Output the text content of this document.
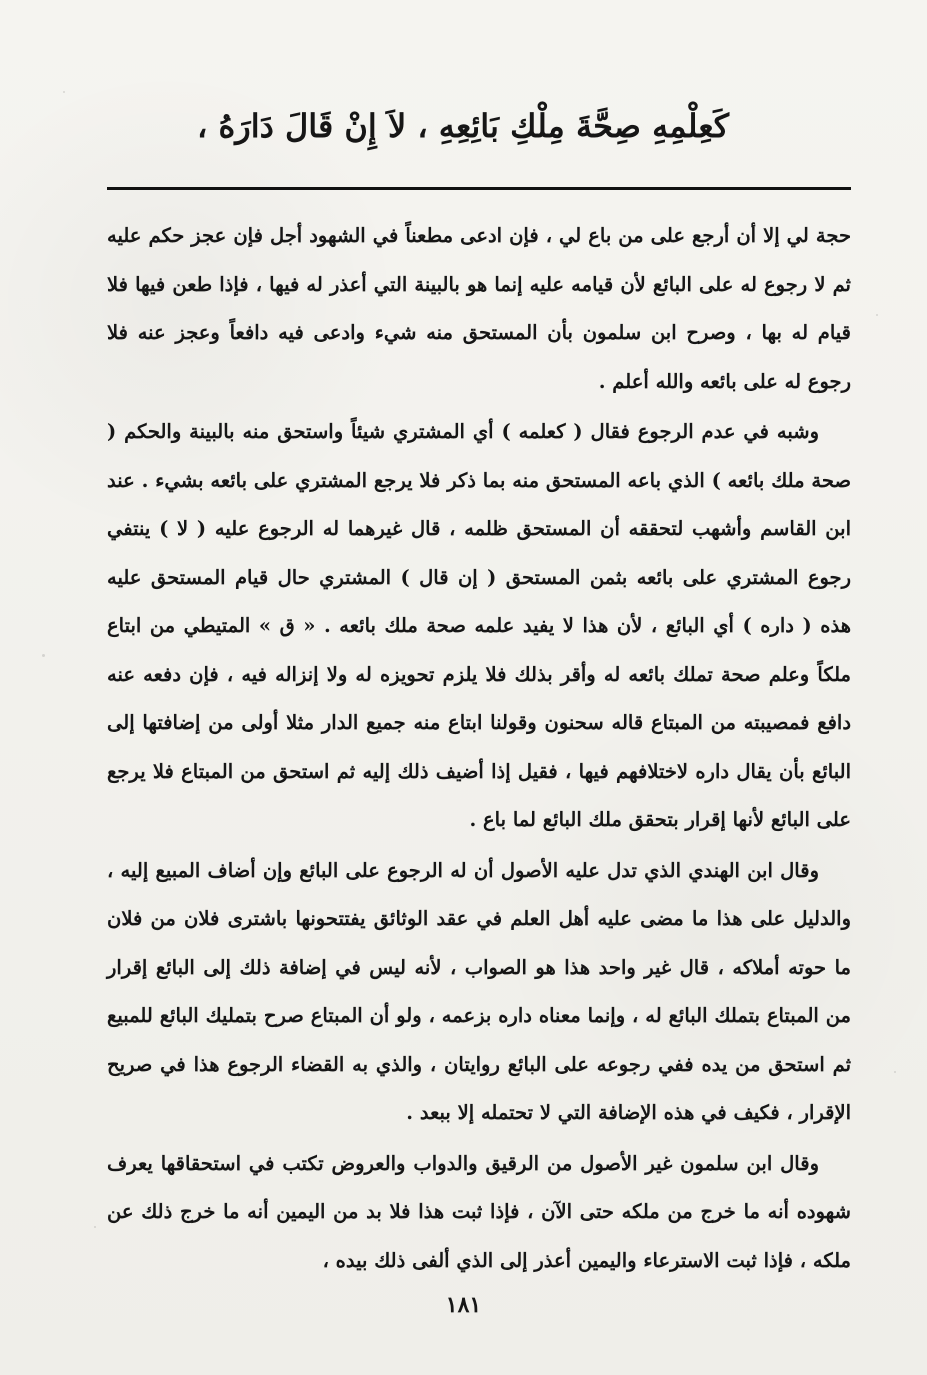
كَعِلْمِهِ صِحَّةَ مِلْكِ بَائِعِهِ ، لاَ إِنْ قَالَ دَارَهُ ،

حجة لي إلا أن أرجع على من باع لي ، فإن ادعى مطعناً في الشهود أجل فإن عجز حكم عليه ثم لا رجوع له على البائع لأن قيامه عليه إنما هو بالبينة التي أعذر له فيها ، فإذا طعن فيها فلا قيام له بها ، وصرح ابن سلمون بأن المستحق منه شيء وادعى فيه دافعاً وعجز عنه فلا رجوع له على بائعه والله أعلم .

وشبه في عدم الرجوع فقال ( كعلمه ) أي المشتري شيئاً واستحق منه بالبينة والحكم ( صحة ملك بائعه ) الذي باعه المستحق منه بما ذكر فلا يرجع المشتري على بائعه بشيء . عند ابن القاسم وأشهب لتحققه أن المستحق ظلمه ، قال غيرهما له الرجوع عليه ( لا ) ينتفي رجوع المشتري على بائعه بثمن المستحق ( إن قال ) المشتري حال قيام المستحق عليه هذه ( داره ) أي البائع ، لأن هذا لا يفيد علمه صحة ملك بائعه . « ق » المتيطي من ابتاع ملكاً وعلم صحة تملك بائعه له وأقر بذلك فلا يلزم تحويزه له ولا إنزاله فيه ، فإن دفعه عنه دافع فمصيبته من المبتاع قاله سحنون وقولنا ابتاع منه جميع الدار مثلا أولى من إضافتها إلى البائع بأن يقال داره لاختلافهم فيها ، فقيل إذا أضيف ذلك إليه ثم استحق من المبتاع فلا يرجع على البائع لأنها إقرار بتحقق ملك البائع لما باع .

وقال ابن الهندي الذي تدل عليه الأصول أن له الرجوع على البائع وإن أضاف المبيع إليه ، والدليل على هذا ما مضى عليه أهل العلم في عقد الوثائق يفتتحونها باشترى فلان من فلان ما حوته أملاكه ، قال غير واحد هذا هو الصواب ، لأنه ليس في إضافة ذلك إلى البائع إقرار من المبتاع بتملك البائع له ، وإنما معناه داره بزعمه ، ولو أن المبتاع صرح بتمليك البائع للمبيع ثم استحق من يده ففي رجوعه على البائع روايتان ، والذي به القضاء الرجوع هذا في صريح الإقرار ، فكيف في هذه الإضافة التي لا تحتمله إلا ببعد .

وقال ابن سلمون غير الأصول من الرقيق والدواب والعروض تكتب في استحقاقها يعرف شهوده أنه ما خرج من ملكه حتى الآن ، فإذا ثبت هذا فلا بد من اليمين أنه ما خرج ذلك عن ملكه ، فإذا ثبت الاسترعاء واليمين أعذر إلى الذي ألفى ذلك بيده ،

١٨١
